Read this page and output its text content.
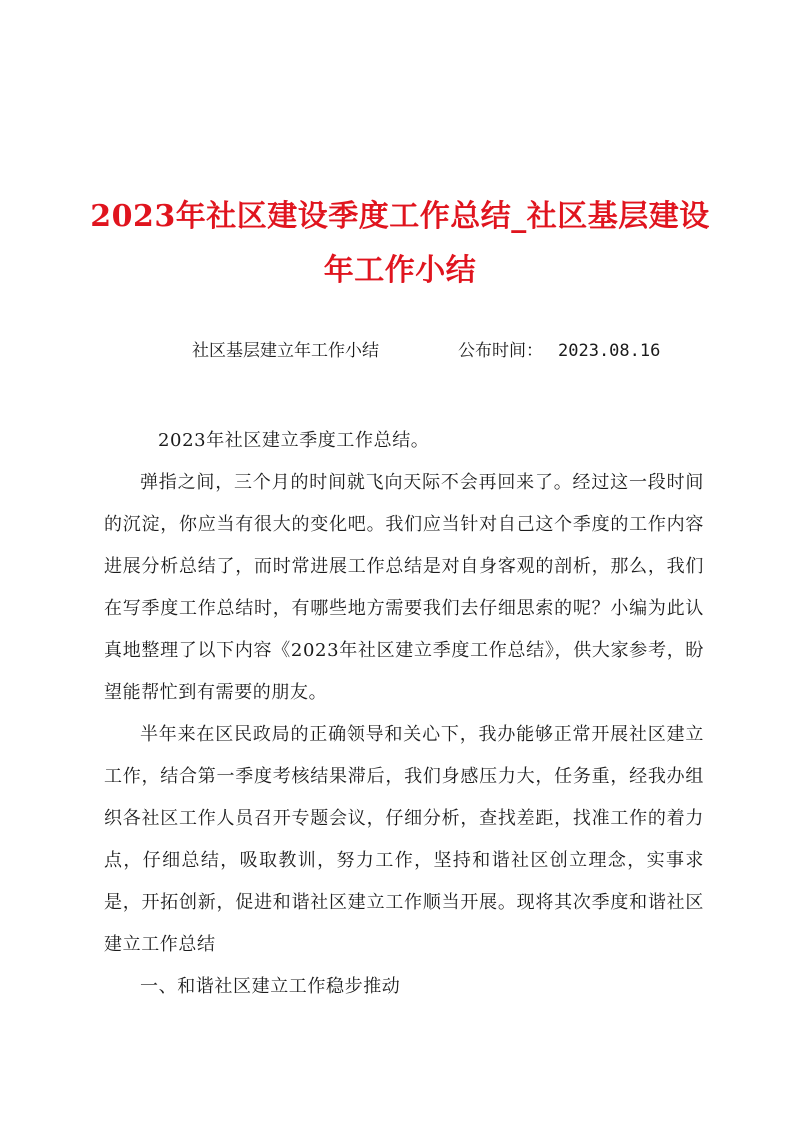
2023年社区建设季度工作总结_社区基层建设
年工作小结
社区基层建立年工作小结	公布时间： 2023.08.16

2023年社区建立季度工作总结。

弹指之间，三个月的时间就飞向天际不会再回来了。经过这一段时间的沉淀，你应当有很大的变化吧。我们应当针对自己这个季度的工作内容进展分析总结了，而时常进展工作总结是对自身客观的剖析，那么，我们在写季度工作总结时，有哪些地方需要我们去仔细思索的呢？小编为此认真地整理了以下内容《2023年社区建立季度工作总结》，供大家参考，盼望能帮忙到有需要的朋友。

半年来在区民政局的正确领导和关心下，我办能够正常开展社区建立工作，结合第一季度考核结果滞后，我们身感压力大，任务重，经我办组织各社区工作人员召开专题会议，仔细分析，查找差距，找准工作的着力点，仔细总结，吸取教训，努力工作，坚持和谐社区创立理念，实事求是，开拓创新，促进和谐社区建立工作顺当开展。现将其次季度和谐社区建立工作总结

一、和谐社区建立工作稳步推动
